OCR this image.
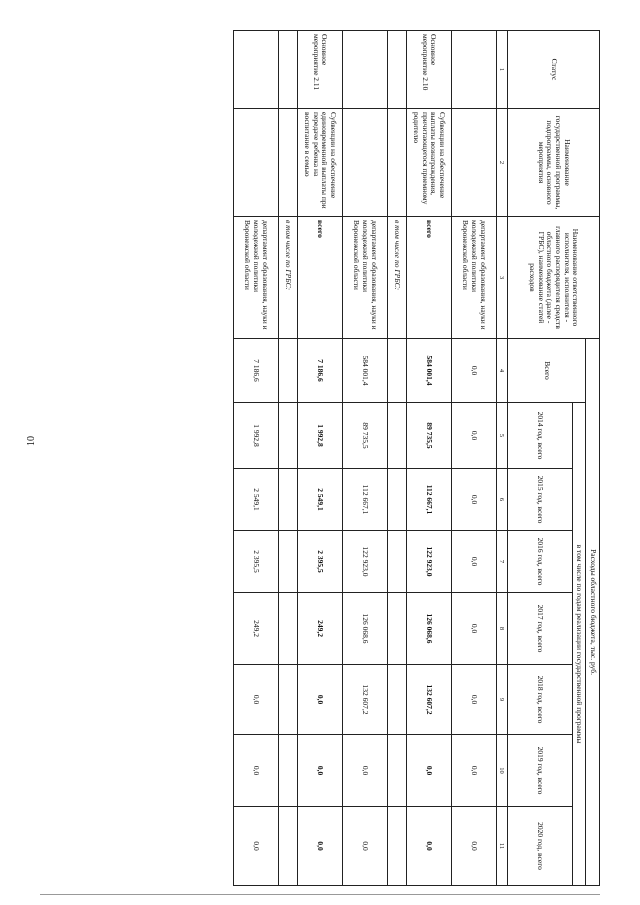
10
Статус	Наименование государственной программы, подпрограммы, основного мероприятия	Наименование ответственного исполнителя, исполнителя - главного распорядителя средств областного бюджета (далее - ГРБС), наименование статей расходов	Расходы областного бюджета, тыс. руб.							
			Всего	в том числе по годам реализации государственной программы						
				2014 год, всего	2015 год, всего	2016 год, всего	2017 год, всего	2018 год, всего	2019 год, всего	2020 год, всего
1	2	3	4	5	6	7	8	9	10	11
		департамент образования, науки и молодежной политики Воронежской области	0,0	0,0	0,0	0,0	0,0	0,0	0,0	0,0
Основное мероприятие 2.10	Субвенции на обеспечение выплаты вознаграждения, причитающегося приемному родителю	всего	584 001,4	89 735,5	112 667,1	122 923,0	126 068,6	132 607,2	0,0	0,0
		в том числе по ГРБС:								
		департамент образования, науки и молодежной политики Воронежской области	584 001,4	89 735,5	112 667,1	122 923,0	126 068,6	132 607,2	0,0	0,0
Основное мероприятие 2.11	Субвенции на обеспечение единовременной выплаты при передаче ребенка на воспитание в семью	всего	7 186,6	1 992,8	2 549,1	2 395,5	249,2	0,0	0,0	0,0
		в том числе по ГРБС:								
		департамент образования, науки и молодежной политики Воронежской области	7 186,6	1 992,8	2 549,1	2 395,5	249,2	0,0	0,0	0,0
